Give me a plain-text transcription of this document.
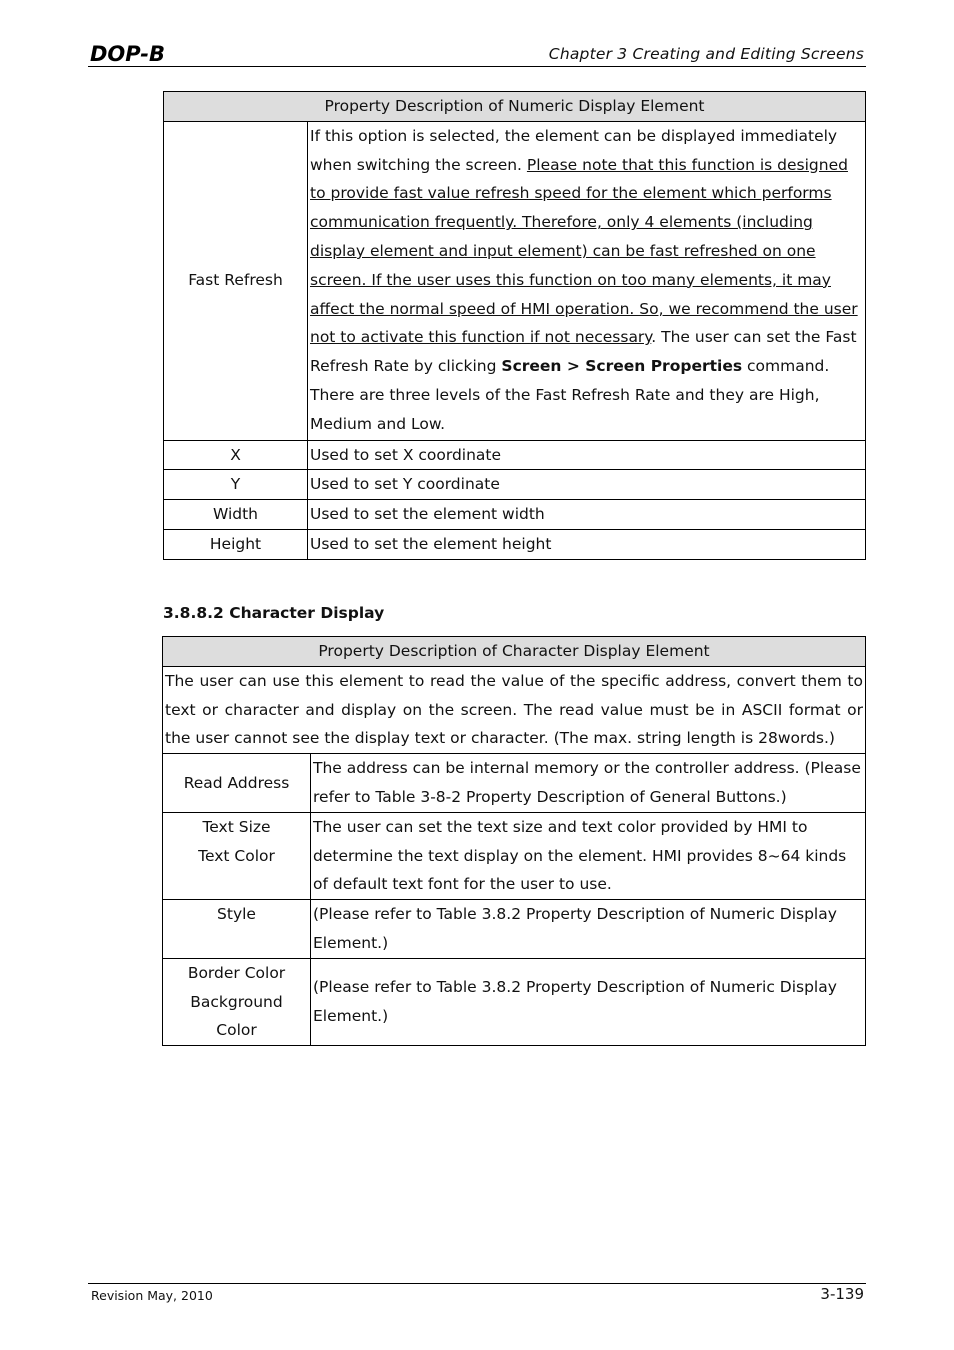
DOP-B	Chapter 3 Creating and Editing Screens
Property Description of Numeric Display Element	
Fast Refresh	If this option is selected, the element can be displayed immediately when switching the screen. Please note that this function is designed to provide fast value refresh speed for the element which performs communication frequently. Therefore, only 4 elements (including display element and input element) can be fast refreshed on one screen. If the user uses this function on too many elements, it may affect the normal speed of HMI operation. So, we recommend the user not to activate this function if not necessary. The user can set the Fast Refresh Rate by clicking Screen > Screen Properties command. There are three levels of the Fast Refresh Rate and they are High, Medium and Low.
X	Used to set X coordinate
Y	Used to set Y coordinate
Width	Used to set the element width
Height	Used to set the element height
3.8.8.2 Character Display
Property Description of Character Display Element	
The user can use this element to read the value of the specific address, convert them to text or character and display on the screen. The read value must be in ASCII format or the user cannot see the display text or character. (The max. string length is 28words.)	

Read Address	The address can be internal memory or the controller address. (Please refer to Table 3-8-2 Property Description of General Buttons.)

Text Size
Text Color	The user can set the text size and text color provided by HMI to determine the text display on the element. HMI provides 8~64 kinds of default text font for the user to use.

Style	(Please refer to Table 3.8.2 Property Description of Numeric Display Element.)

Border Color
Background
Color	(Please refer to Table 3.8.2 Property Description of Numeric Display Element.)
Revision May, 2010	3-139
